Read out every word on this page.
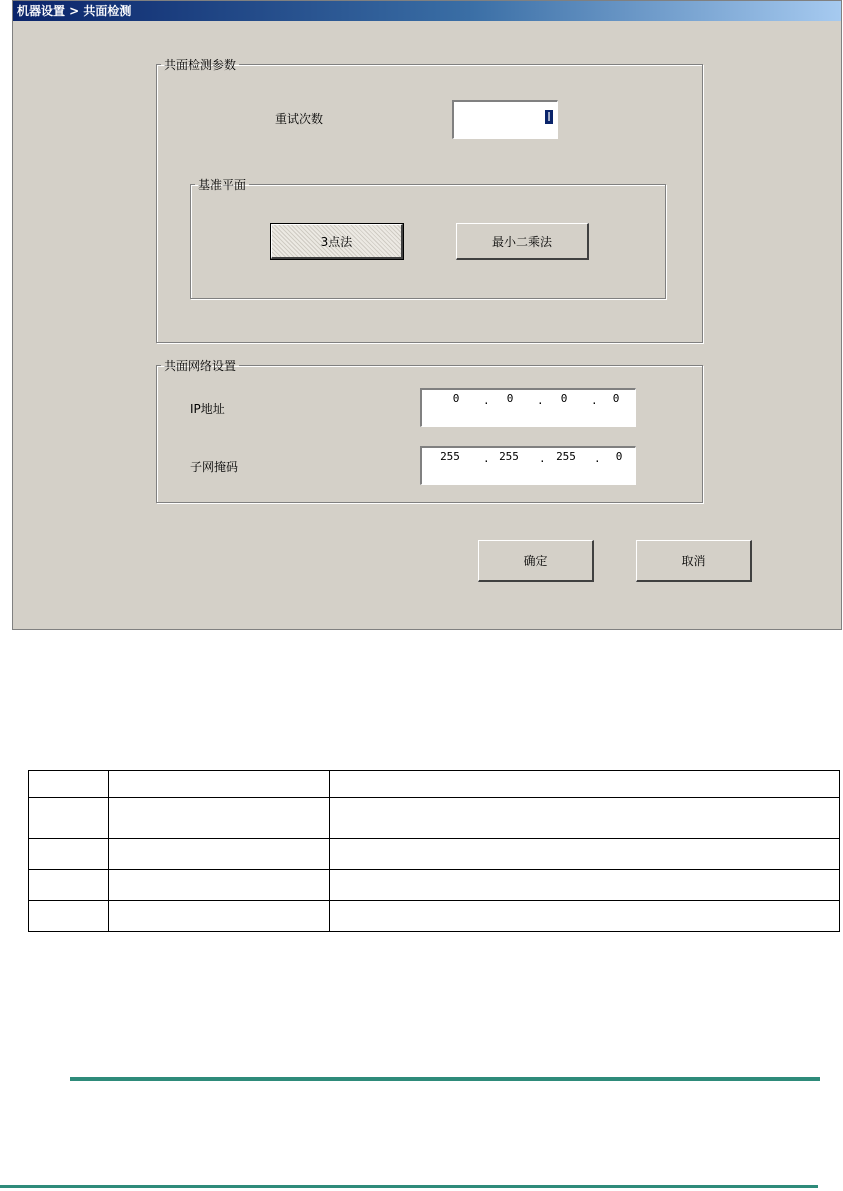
机器设置 > 共面检测
共面检测参数
重试次数	I
基准平面
3点法	最小二乘法
共面网络设置
IP地址
0	.	0	.	0	.	0
子网掩码
255	. 255	. 255	.	0
确定	取消
